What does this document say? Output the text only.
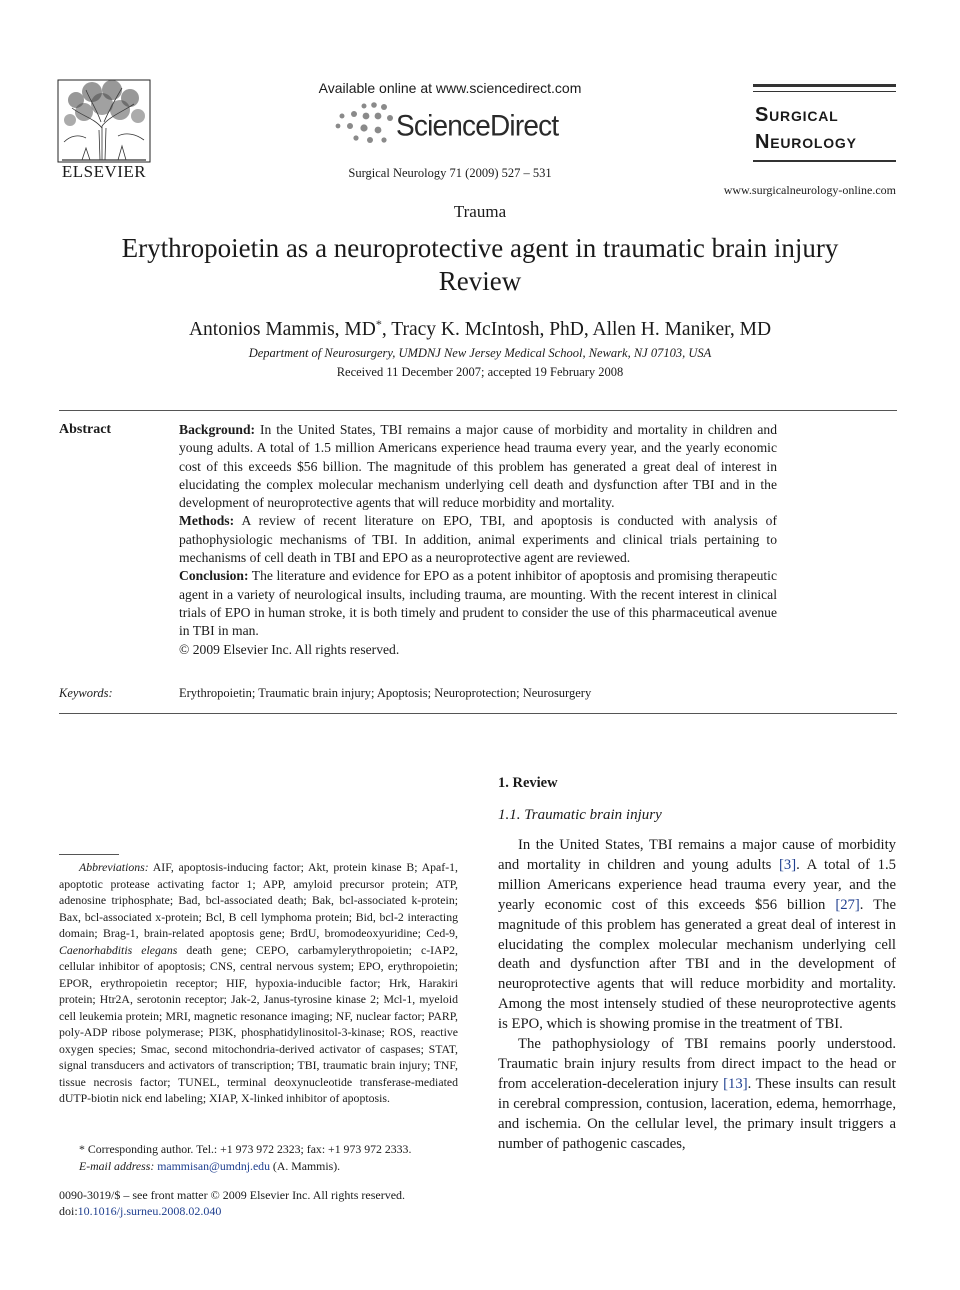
ELSEVIER
Available online at www.sciencedirect.com
ScienceDirect
Surgical Neurology 71 (2009) 527 – 531
Surgical
Neurology
www.surgicalneurology-online.com
Trauma
Erythropoietin as a neuroprotective agent in traumatic brain injury
Review
Antonios Mammis, MD*, Tracy K. McIntosh, PhD, Allen H. Maniker, MD
Department of Neurosurgery, UMDNJ New Jersey Medical School, Newark, NJ 07103, USA
Received 11 December 2007; accepted 19 February 2008
Abstract	Background: In the United States, TBI remains a major cause of morbidity and mortality in children and young adults. A total of 1.5 million Americans experience head trauma every year, and the yearly economic cost of this exceeds $56 billion. The magnitude of this problem has generated a great deal of interest in elucidating the complex molecular mechanism underlying cell death and dysfunction after TBI and in the development of neuroprotective agents that will reduce morbidity and mortality.

Methods: A review of recent literature on EPO, TBI, and apoptosis is conducted with analysis of pathophysiologic mechanisms of TBI. In addition, animal experiments and clinical trials pertaining to mechanisms of cell death in TBI and EPO as a neuroprotective agent are reviewed.

Conclusion: The literature and evidence for EPO as a potent inhibitor of apoptosis and promising therapeutic agent in a variety of neurological insults, including trauma, are mounting. With the recent interest in clinical trials of EPO in human stroke, it is both timely and prudent to consider the use of this pharmaceutical avenue in TBI in man.

© 2009 Elsevier Inc. All rights reserved.

Keywords:	Erythropoietin; Traumatic brain injury; Apoptosis; Neuroprotection; Neurosurgery
Abbreviations: AIF, apoptosis-inducing factor; Akt, protein kinase B; Apaf-1, apoptotic protease activating factor 1; APP, amyloid precursor protein; ATP, adenosine triphosphate; Bad, bcl-associated death; Bak, bcl-associated k-protein; Bax, bcl-associated x-protein; Bcl, B cell lymphoma protein; Bid, bcl-2 interacting domain; Brag-1, brain-related apoptosis gene; BrdU, bromodeoxyuridine; Ced-9, Caenorhabditis elegans death gene; CEPO, carbamylerythropoietin; c-IAP2, cellular inhibitor of apoptosis; CNS, central nervous system; EPO, erythropoietin; EPOR, erythropoietin receptor; HIF, hypoxia-inducible factor; Hrk, Harakiri protein; Htr2A, serotonin receptor; Jak-2, Janus-tyrosine kinase 2; Mcl-1, myeloid cell leukemia protein; MRI, magnetic resonance imaging; NF, nuclear factor; PARP, poly-ADP ribose polymerase; PI3K, phosphatidylinositol-3-kinase; ROS, reactive oxygen species; Smac, second mitochondria-derived activator of caspases; STAT, signal transducers and activators of transcription; TBI, traumatic brain injury; TNF, tissue necrosis factor; TUNEL, terminal deoxynucleotide transferase-mediated dUTP-biotin nick end labeling; XIAP, X-linked inhibitor of apoptosis.
* Corresponding author. Tel.: +1 973 972 2323; fax: +1 973 972 2333.
E-mail address: mammisan@umdnj.edu (A. Mammis).
0090-3019/$ – see front matter © 2009 Elsevier Inc. All rights reserved.
doi:10.1016/j.surneu.2008.02.040
1. Review
1.1. Traumatic brain injury

In the United States, TBI remains a major cause of morbidity and mortality in children and young adults [3]. A total of 1.5 million Americans experience head trauma every year, and the yearly economic cost of this exceeds $56 billion [27]. The magnitude of this problem has generated a great deal of interest in elucidating the complex molecular mechanism underlying cell death and dysfunction after TBI and in the development of neuroprotective agents that will reduce morbidity and mortality. Among the most intensely studied of these neuroprotective agents is EPO, which is showing promise in the treatment of TBI.

The pathophysiology of TBI remains poorly understood. Traumatic brain injury results from direct impact to the head or from acceleration-deceleration injury [13]. These insults can result in cerebral compression, contusion, laceration, edema, hemorrhage, and ischemia. On the cellular level, the primary insult triggers a number of pathogenic cascades,
